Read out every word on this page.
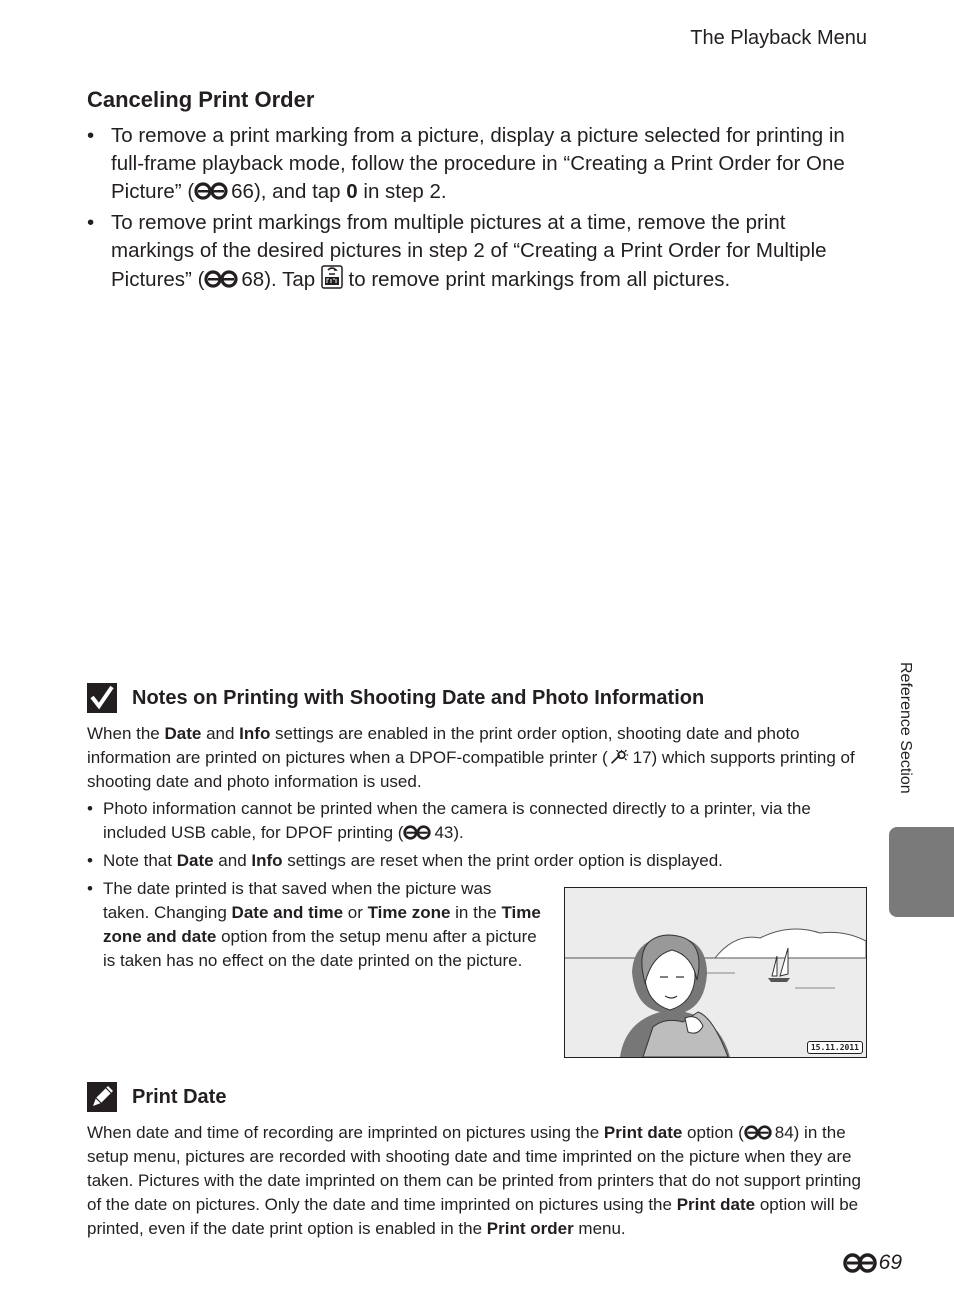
The Playback Menu
Canceling Print Order
• To remove a print marking from a picture, display a picture selected for printing in full-frame playback mode, follow the procedure in “Creating a Print Order for One Picture” ( 66), and tap 0 in step 2.
• To remove print markings from multiple pictures at a time, remove the print markings of the desired pictures in step 2 of “Creating a Print Order for Multiple Pictures” ( 68). Tap  to remove print markings from all pictures.
Notes on Printing with Shooting Date and Photo Information

When the Date and Info settings are enabled in the print order option, shooting date and photo information are printed on pictures when a DPOF-compatible printer ( 17) which supports printing of shooting date and photo information is used.

• Photo information cannot be printed when the camera is connected directly to a printer, via the included USB cable, for DPOF printing ( 43).
• Note that Date and Info settings are reset when the print order option is displayed.
• The date printed is that saved when the picture was taken. Changing Date and time or Time zone in the Time zone and date option from the setup menu after a picture is taken has no effect on the date printed on the picture.
15.11.2011
Print Date

When date and time of recording are imprinted on pictures using the Print date option ( 84) in the setup menu, pictures are recorded with shooting date and time imprinted on the picture when they are taken. Pictures with the date imprinted on them can be printed from printers that do not support printing of the date on pictures. Only the date and time imprinted on pictures using the Print date option will be printed, even if the date print option is enabled in the Print order menu.

69
Reference Section
